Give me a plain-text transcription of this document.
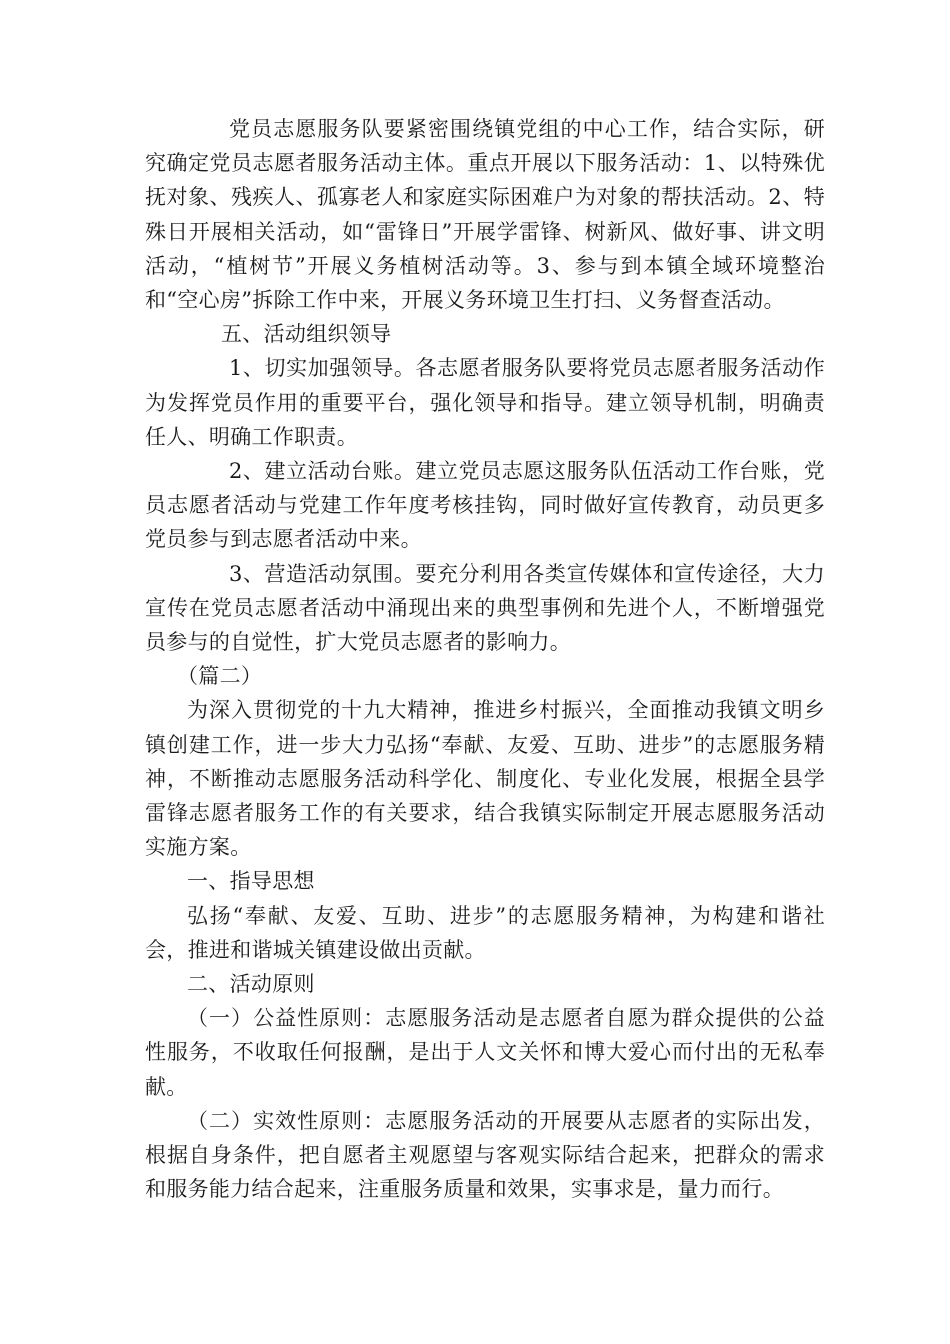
党员志愿服务队要紧密围绕镇党组的中心工作，结合实际，研究确定党员志愿者服务活动主体。重点开展以下服务活动：1、以特殊优抚对象、残疾人、孤寡老人和家庭实际困难户为对象的帮扶活动。2、特殊日开展相关活动，如“雷锋日”开展学雷锋、树新风、做好事、讲文明活动，“植树节”开展义务植树活动等。3、参与到本镇全域环境整治和“空心房”拆除工作中来，开展义务环境卫生打扫、义务督查活动。

五、活动组织领导

1、切实加强领导。各志愿者服务队要将党员志愿者服务活动作为发挥党员作用的重要平台，强化领导和指导。建立领导机制，明确责任人、明确工作职责。

2、建立活动台账。建立党员志愿这服务队伍活动工作台账，党员志愿者活动与党建工作年度考核挂钩，同时做好宣传教育，动员更多党员参与到志愿者活动中来。

3、营造活动氛围。要充分利用各类宣传媒体和宣传途径，大力宣传在党员志愿者活动中涌现出来的典型事例和先进个人，不断增强党员参与的自觉性，扩大党员志愿者的影响力。

（篇二）

为深入贯彻党的十九大精神，推进乡村振兴，全面推动我镇文明乡镇创建工作，进一步大力弘扬“奉献、友爱、互助、进步”的志愿服务精神，不断推动志愿服务活动科学化、制度化、专业化发展，根据全县学雷锋志愿者服务工作的有关要求，结合我镇实际制定开展志愿服务活动实施方案。

一、指导思想

弘扬“奉献、友爱、互助、进步”的志愿服务精神，为构建和谐社会，推进和谐城关镇建设做出贡献。

二、活动原则

（一）公益性原则：志愿服务活动是志愿者自愿为群众提供的公益性服务，不收取任何报酬，是出于人文关怀和博大爱心而付出的无私奉献。

（二）实效性原则：志愿服务活动的开展要从志愿者的实际出发，根据自身条件，把自愿者主观愿望与客观实际结合起来，把群众的需求和服务能力结合起来，注重服务质量和效果，实事求是，量力而行。
